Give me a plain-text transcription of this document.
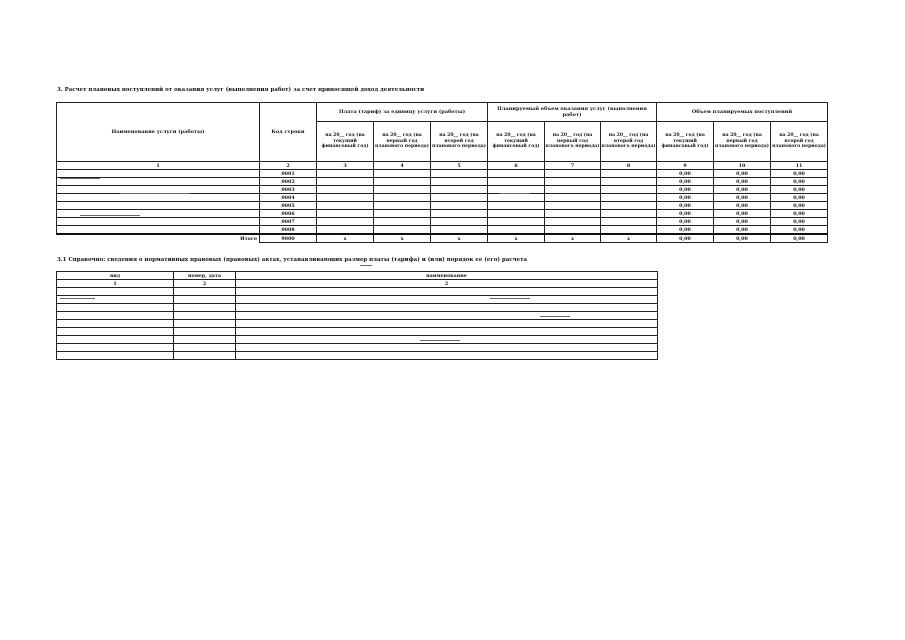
3. Расчет плановых поступлений от оказания услуг (выполнения работ) за счет приносящей доход деятельности
Наименование услуги (работы)	Код строки	Плата (тариф) за единицу услуги (работы)			Планируемый объем оказания услуг (выполнения работ)			Объем планируемых поступлений		
		на 20__ год (на текущий финансовый год)	на 20__ год (на первый год планового периода)	на 20__ год (на второй год планового периода)	на 20__ год (на текущий финансовый год)	на 20__ год (на первый год планового периода)	на 20__ год (на второй год планового периода)	на 20__ год (на текущий финансовый год)	на 20__ год (на первый год планового периода)	на 20__ год (на второй год планового периода)
1	2	3	4	5	6	7	8	9	10	11
	0001							0,00	0,00	0,00
	0002							0,00	0,00	0,00
	0003							0,00	0,00	0,00
	0004							0,00	0,00	0,00
	0005							0,00	0,00	0,00
	0006							0,00	0,00	0,00
	0007							0,00	0,00	0,00
	0008							0,00	0,00	0,00
Итого	9000	x	x	x	x	x	x	0,00	0,00	0,00
3.1 Справочно: сведения о нормативных правовых (правовых) актах, устанавливающих размер платы (тарифа) и (или) порядок ее (его) расчета
вид	номер, дата	наименование
1	2	2
